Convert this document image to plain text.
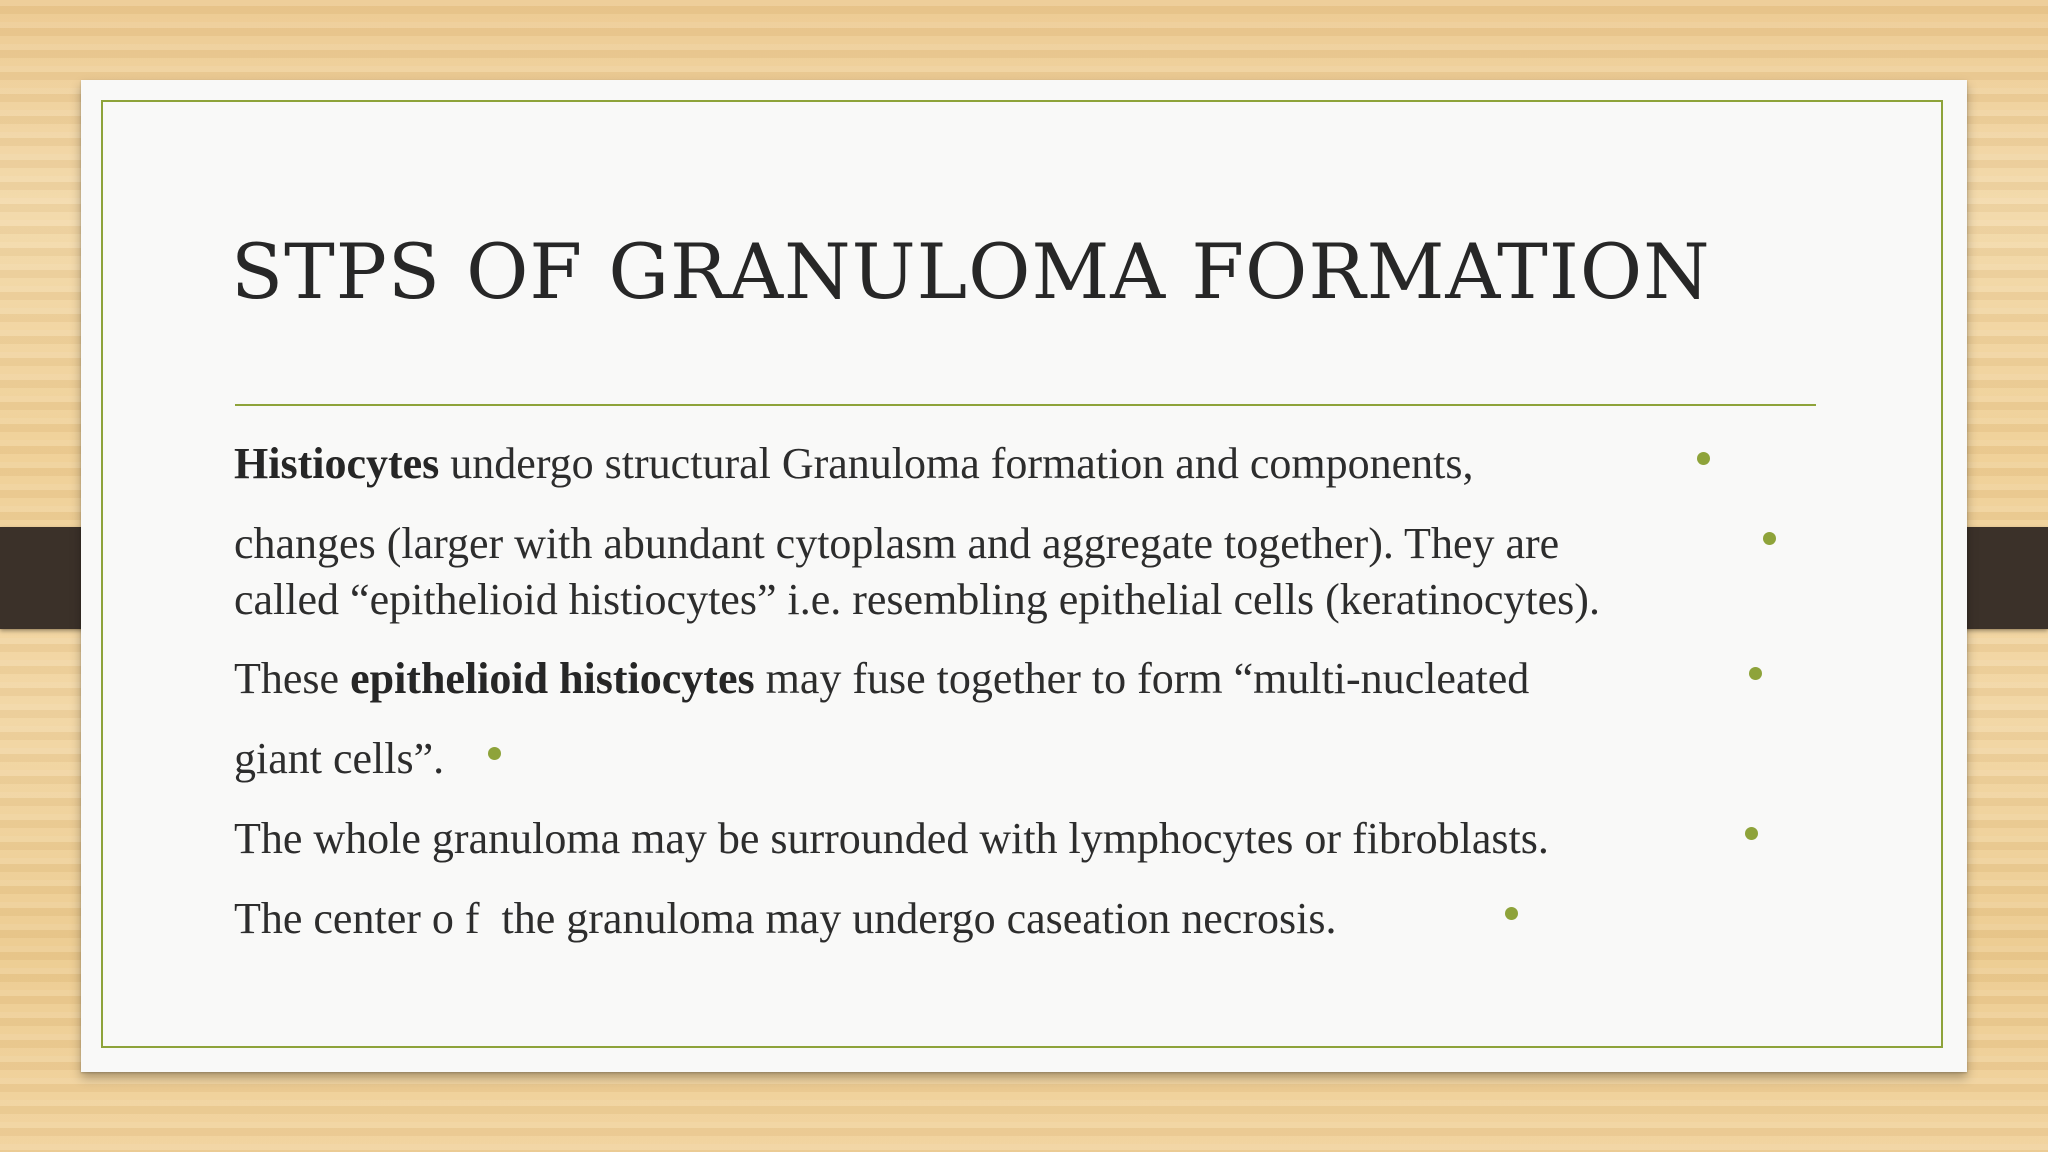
STPS OF GRANULOMA FORMATION
Histiocytes undergo structural Granuloma formation and components,
changes (larger with abundant cytoplasm and aggregate together). They are
called “epithelioid histiocytes” i.e. resembling epithelial cells (keratinocytes).
These epithelioid histiocytes may fuse together to form “multi-nucleated
giant cells”.
The whole granuloma may be surrounded with lymphocytes or fibroblasts.
The center o f  the granuloma may undergo caseation necrosis.
